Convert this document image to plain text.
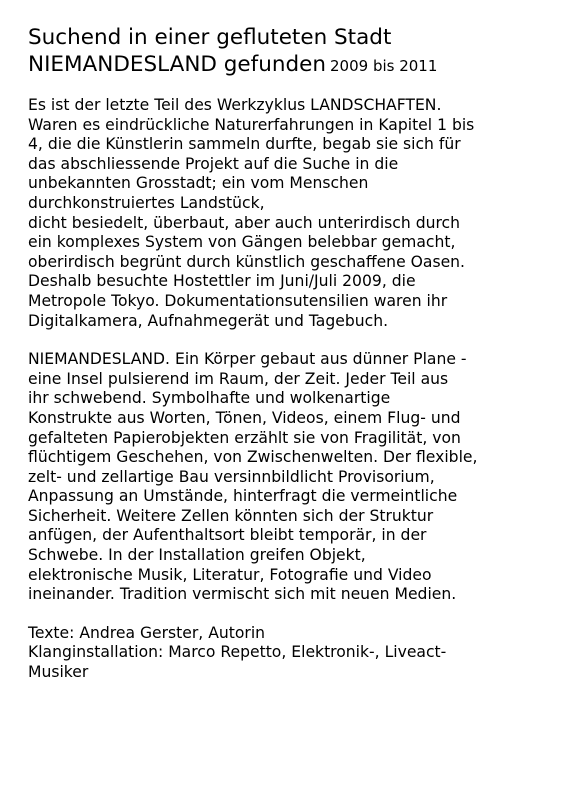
Suchend in einer gefluteten Stadt
NIEMANDESLAND gefunden 2009 bis 2011

Es ist der letzte Teil des Werkzyklus LANDSCHAFTEN.
Waren es eindrückliche Naturerfahrungen in Kapitel 1 bis
4, die die Künstlerin sammeln durfte, begab sie sich für
das abschliessende Projekt auf die Suche in die
unbekannten Grosstadt; ein vom Menschen
durchkonstruiertes Landstück,
dicht besiedelt, überbaut, aber auch unterirdisch durch
ein komplexes System von Gängen belebbar gemacht,
oberirdisch begrünt durch künstlich geschaffene Oasen.
Deshalb besuchte Hostettler im Juni/Juli 2009, die
Metropole Tokyo. Dokumentationsutensilien waren ihr
Digitalkamera, Aufnahmegerät und Tagebuch.

NIEMANDESLAND. Ein Körper gebaut aus dünner Plane -
eine Insel pulsierend im Raum, der Zeit. Jeder Teil aus
ihr schwebend. Symbolhafte und wolkenartige
Konstrukte aus Worten, Tönen, Videos, einem Flug- und
gefalteten Papierobjekten erzählt sie von Fragilität, von
flüchtigem Geschehen, von Zwischenwelten. Der flexible,
zelt- und zellartige Bau versinnbildlicht Provisorium,
Anpassung an Umstände, hinterfragt die vermeintliche
Sicherheit. Weitere Zellen könnten sich der Struktur
anfügen, der Aufenthaltsort bleibt temporär, in der
Schwebe. In der Installation greifen Objekt,
elektronische Musik, Literatur, Fotografie und Video
ineinander. Tradition vermischt sich mit neuen Medien.

Texte: Andrea Gerster, Autorin
Klanginstallation: Marco Repetto, Elektronik-, Liveact-
Musiker
